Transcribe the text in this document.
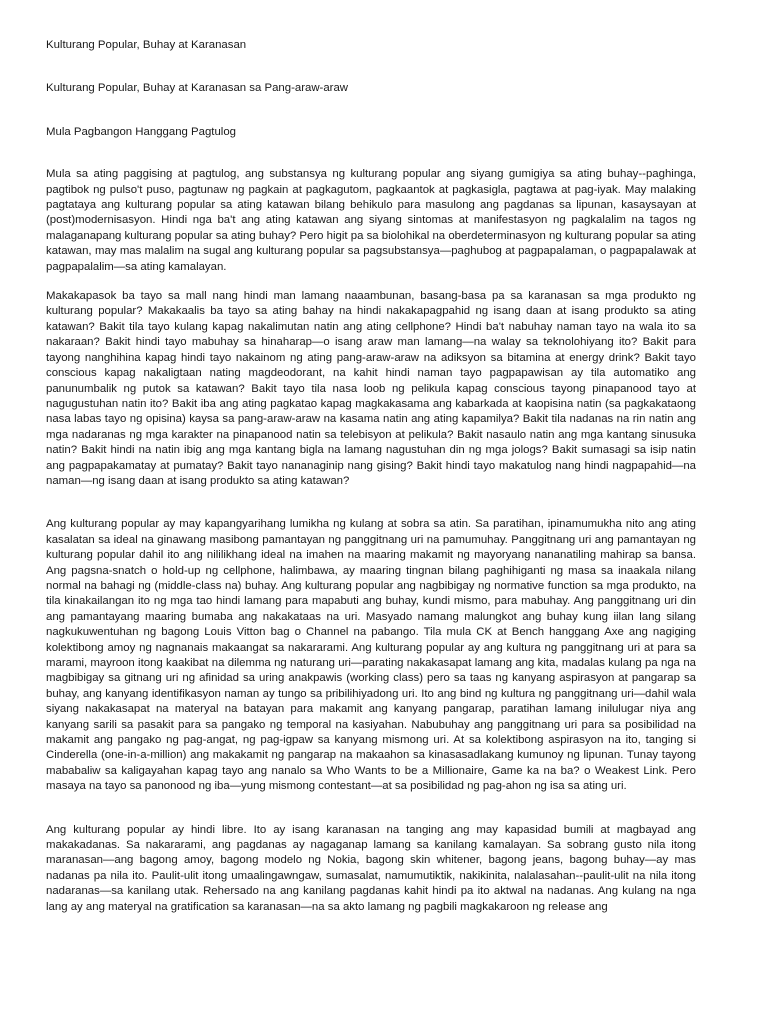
Kulturang Popular, Buhay at Karanasan
Kulturang Popular, Buhay at Karanasan sa Pang-araw-araw
Mula Pagbangon Hanggang Pagtulog

Mula sa ating paggising at pagtulog, ang substansya ng kulturang popular ang siyang gumigiya sa ating buhay--paghinga, pagtibok ng pulso't puso, pagtunaw ng pagkain at pagkagutom, pagkaantok at pagkasigla, pagtawa at pag-iyak. May malaking pagtataya ang kulturang popular sa ating katawan bilang behikulo para masulong ang pagdanas sa lipunan, kasaysayan at (post)modernisasyon. Hindi nga ba't ang ating katawan ang siyang sintomas at manifestasyon ng pagkalalim na tagos ng malaganapang kulturang popular sa ating buhay? Pero higit pa sa biolohikal na oberdeterminasyon ng kulturang popular sa ating katawan, may mas malalim na sugal ang kulturang popular sa pagsubstansya—paghubog at pagpapalaman, o pagpapalawak at pagpapalalim—sa ating kamalayan.

Makakapasok ba tayo sa mall nang hindi man lamang naaambunan, basang-basa pa sa karanasan sa mga produkto ng kulturang popular? Makakaalis ba tayo sa ating bahay na hindi nakakapagpahid ng isang daan at isang produkto sa ating katawan? Bakit tila tayo kulang kapag nakalimutan natin ang ating cellphone? Hindi ba't nabuhay naman tayo na wala ito sa nakaraan? Bakit hindi tayo mabuhay sa hinaharap—o isang araw man lamang—na walay sa teknolohiyang ito? Bakit para tayong nanghihina kapag hindi tayo nakainom ng ating pang-araw-araw na adiksyon sa bitamina at energy drink? Bakit tayo conscious kapag nakaligtaan nating magdeodorant, na kahit hindi naman tayo pagpapawisan ay tila automatiko ang panunumbalik ng putok sa katawan? Bakit tayo tila nasa loob ng pelikula kapag conscious tayong pinapanood tayo at nagugustuhan natin ito? Bakit iba ang ating pagkatao kapag magkakasama ang kabarkada at kaopisina natin (sa pagkakataong nasa labas tayo ng opisina) kaysa sa pang-araw-araw na kasama natin ang ating kapamilya? Bakit tila nadanas na rin natin ang mga nadaranas ng mga karakter na pinapanood natin sa telebisyon at pelikula? Bakit nasaulo natin ang mga kantang sinusuka natin? Bakit hindi na natin ibig ang mga kantang bigla na lamang nagustuhan din ng mga jologs? Bakit sumasagi sa isip natin ang pagpapakamatay at pumatay? Bakit tayo nananaginip nang gising? Bakit hindi tayo makatulog nang hindi nagpapahid—na naman—ng isang daan at isang produkto sa ating katawan?

Ang kulturang popular ay may kapangyarihang lumikha ng kulang at sobra sa atin. Sa paratihan, ipinamumukha nito ang ating kasalatan sa ideal na ginawang masibong pamantayan ng panggitnang uri na pamumuhay. Panggitnang uri ang pamantayan ng kulturang popular dahil ito ang nililikhang ideal na imahen na maaring makamit ng mayoryang nananatiling mahirap sa bansa. Ang pagsna-snatch o hold-up ng cellphone, halimbawa, ay maaring tingnan bilang paghihiganti ng masa sa inaakala nilang normal na bahagi ng (middle-class na) buhay. Ang kulturang popular ang nagbibigay ng normative function sa mga produkto, na tila kinakailangan ito ng mga tao hindi lamang para mapabuti ang buhay, kundi mismo, para mabuhay. Ang panggitnang uri din ang pamantayang maaring bumaba ang nakakataas na uri. Masyado namang malungkot ang buhay kung iilan lang silang nagkukuwentuhan ng bagong Louis Vitton bag o Channel na pabango. Tila mula CK at Bench hanggang Axe ang nagiging kolektibong amoy ng nagnanais makaangat sa nakararami. Ang kulturang popular ay ang kultura ng panggitnang uri at para sa marami, mayroon itong kaakibat na dilemma ng naturang uri—parating nakakasapat lamang ang kita, madalas kulang pa nga na magbibigay sa gitnang uri ng afinidad sa uring anakpawis (working class) pero sa taas ng kanyang aspirasyon at pangarap sa buhay, ang kanyang identifikasyon naman ay tungo sa pribilihiyadong uri. Ito ang bind ng kultura ng panggitnang uri—dahil wala siyang nakakasapat na materyal na batayan para makamit ang kanyang pangarap, paratihan lamang inilulugar niya ang kanyang sarili sa pasakit para sa pangako ng temporal na kasiyahan. Nabubuhay ang panggitnang uri para sa posibilidad na makamit ang pangako ng pag-angat, ng pag-igpaw sa kanyang mismong uri. At sa kolektibong aspirasyon na ito, tanging si Cinderella (one-in-a-million) ang makakamit ng pangarap na makaahon sa kinasasadlakang kumunoy ng lipunan. Tunay tayong mababaliw sa kaligayahan kapag tayo ang nanalo sa Who Wants to be a Millionaire, Game ka na ba? o Weakest Link. Pero masaya na tayo sa panonood ng iba—yung mismong contestant—at sa posibilidad ng pag-ahon ng isa sa ating uri.

Ang kulturang popular ay hindi libre. Ito ay isang karanasan na tanging ang may kapasidad bumili at magbayad ang makakadanas. Sa nakararami, ang pagdanas ay nagaganap lamang sa kanilang kamalayan. Sa sobrang gusto nila itong maranasan—ang bagong amoy, bagong modelo ng Nokia, bagong skin whitener, bagong jeans, bagong buhay—ay mas nadanas pa nila ito. Paulit-ulit itong umaalingawngaw, sumasalat, namumutiktik, nakikinita, nalalasahan--paulit-ulit na nila itong nadaranas—sa kanilang utak. Rehersado na ang kanilang pagdanas kahit hindi pa ito aktwal na nadanas. Ang kulang na nga lang ay ang materyal na gratification sa karanasan—na sa akto lamang ng pagbili magkakaroon ng release ang
